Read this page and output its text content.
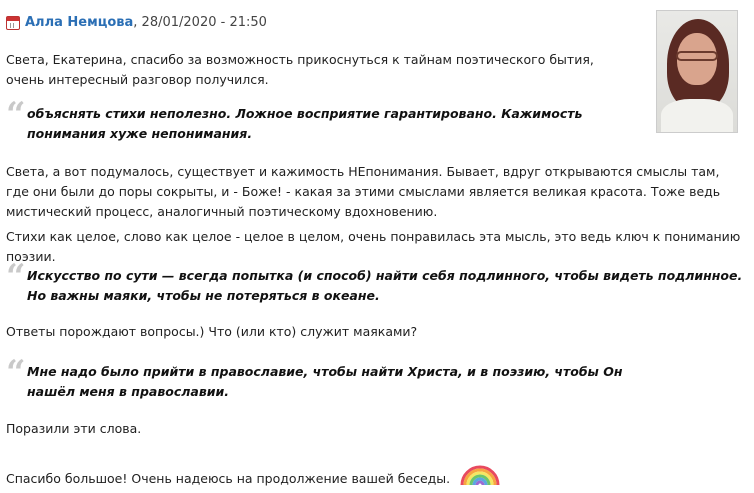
Алла Немцова , 28/01/2020 - 21:50
Света, Екатерина, спасибо за возможность прикоснуться к тайнам поэтического бытия, очень интересный разговор получился.
“ объяснять стихи неполезно. Ложное восприятие гарантировано. Кажимость понимания хуже непонимания.
Света, а вот подумалось, существует и кажимость НЕпонимания. Бывает, вдруг открываются смыслы там, где они были до поры сокрыты, и - Боже! - какая за этими смыслами является великая красота. Тоже ведь мистический процесс, аналогичный поэтическому вдохновению.
Стихи как целое, слово как целое - целое в целом, очень понравилась эта мысль, это ведь ключ к пониманию поэзии.
“ Искусство по сути — всегда попытка (и способ) найти себя подлинного, чтобы видеть подлинное. Но важны маяки, чтобы не потеряться в океане.
Ответы порождают вопросы.) Что (или кто) служит маяками?
“ Мне надо было прийти в православие, чтобы найти Христа, и в поэзию, чтобы Он нашёл меня в православии.
Поразили эти слова.
Спасибо большое! Очень надеюсь на продолжение вашей беседы.
